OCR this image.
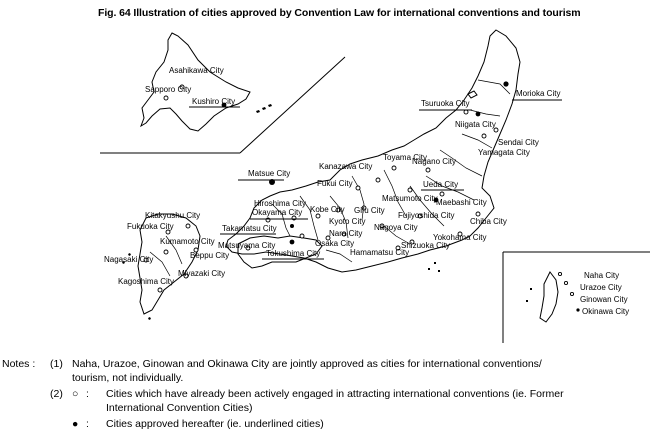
Fig. 64 Illustration of cities approved by Convention Law for international conventions and tourism
Asahikawa City
Sapporo City
Kushiro City	Tsuruoka City
Morioka City
Niigata City
Sendai City
Yamagata City
Toyama City
Nagano City
Kanazawa City
Ueda City
Fukui City
Maebashi City
Matsumoto City
Fujiyoshida City
Chiba City
Matsue City
Hiroshima City
Okayama City Kobe City
Kyoto City
Gifu City
Nagoya City
Yokohama City
Kitakyushu City
Takamatsu City
Nara City
Shizuoka City
Fukuoka City
Kumamoto City Matsuyama City	Osaka City
Hamamatsu City
Tokushima City
Nagasaki City	Beppu City
Miyazaki City
Kagoshima City
Naha City
Urazoe City
Ginowan City
Okinawa City
Notes : (1) Naha, Urazoe, Ginowan and Okinawa City are jointly approved as cities for international conventions/
tourism, not individually.
(2) ○ : Cities which have already been actively engaged in attracting international conventions (ie. Former
International Convention Cities)
● : Cities approved hereafter (ie. underlined cities)
